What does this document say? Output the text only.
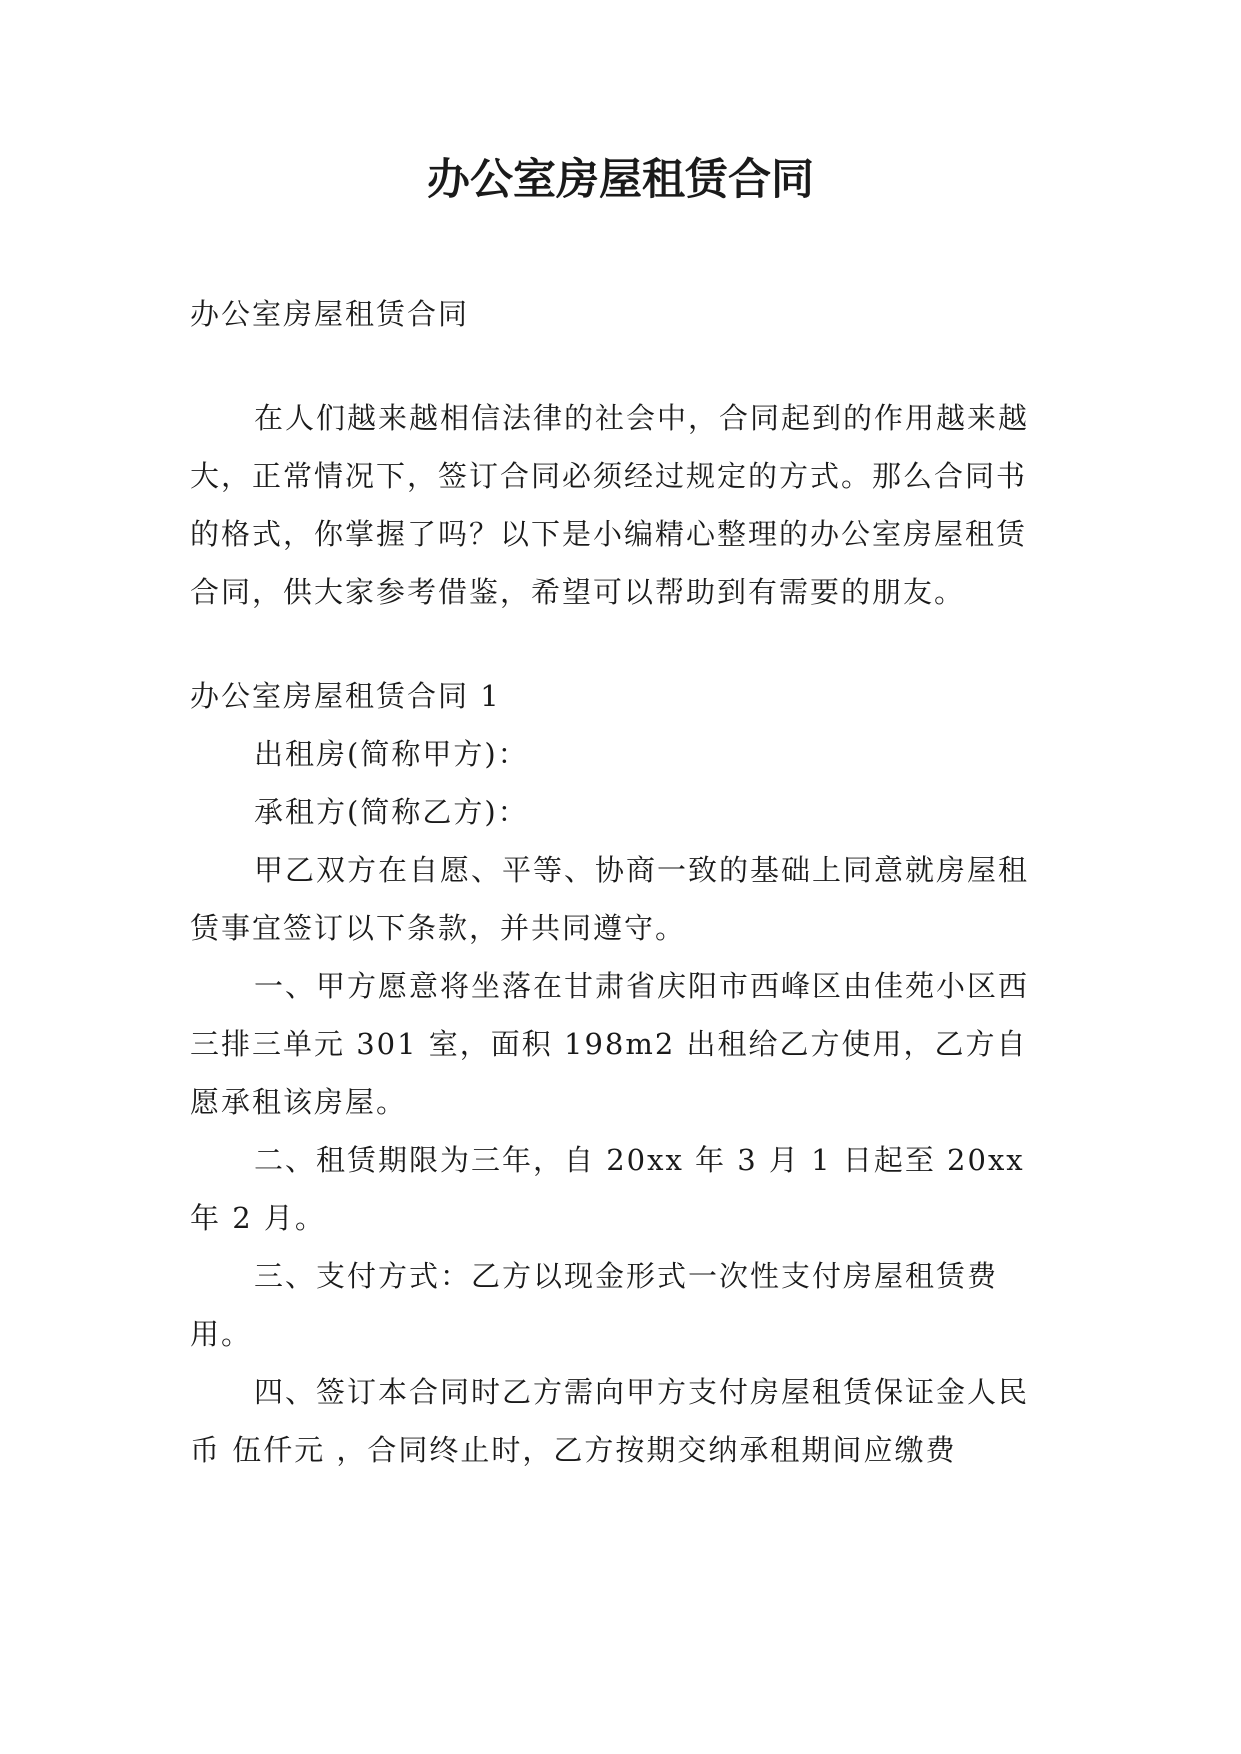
办公室房屋租赁合同

办公室房屋租赁合同

在人们越来越相信法律的社会中，合同起到的作用越来越大，正常情况下，签订合同必须经过规定的方式。那么合同书的格式，你掌握了吗？以下是小编精心整理的办公室房屋租赁合同，供大家参考借鉴，希望可以帮助到有需要的朋友。

办公室房屋租赁合同 1

出租房(简称甲方)：

承租方(简称乙方)：

甲乙双方在自愿、平等、协商一致的基础上同意就房屋租赁事宜签订以下条款，并共同遵守。

一、甲方愿意将坐落在甘肃省庆阳市西峰区由佳苑小区西三排三单元 301 室，面积 198m2 出租给乙方使用，乙方自愿承租该房屋。

二、租赁期限为三年，自 20xx 年 3 月 1 日起至 20xx 年 2 月。

三、支付方式：乙方以现金形式一次性支付房屋租赁费用。

四、签订本合同时乙方需向甲方支付房屋租赁保证金人民币 伍仟元 ，合同终止时，乙方按期交纳承租期间应缴费
